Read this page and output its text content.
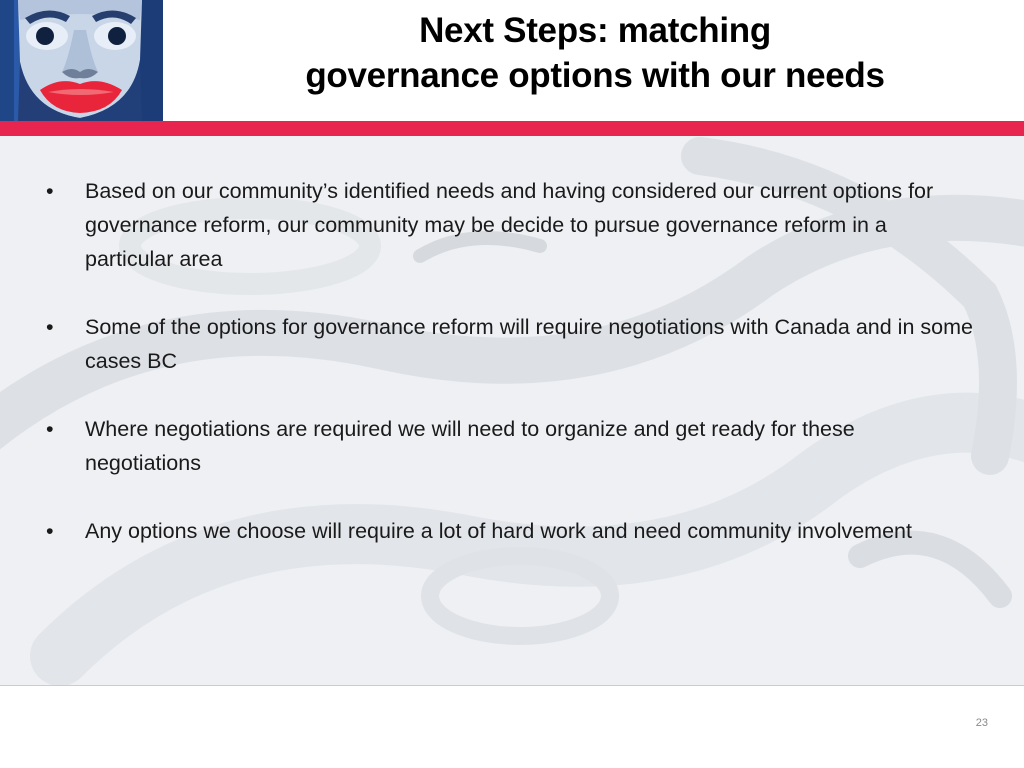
Next Steps: matching
governance options with our needs
• Based on our community’s identified needs and having considered our current options for governance reform, our community may be decide to pursue governance reform in a particular area
• Some of the options for governance reform will require negotiations with Canada and in some cases BC
• Where negotiations are required we will need to organize and get ready for these negotiations
• Any options we choose will require a lot of hard work and need community involvement
23
